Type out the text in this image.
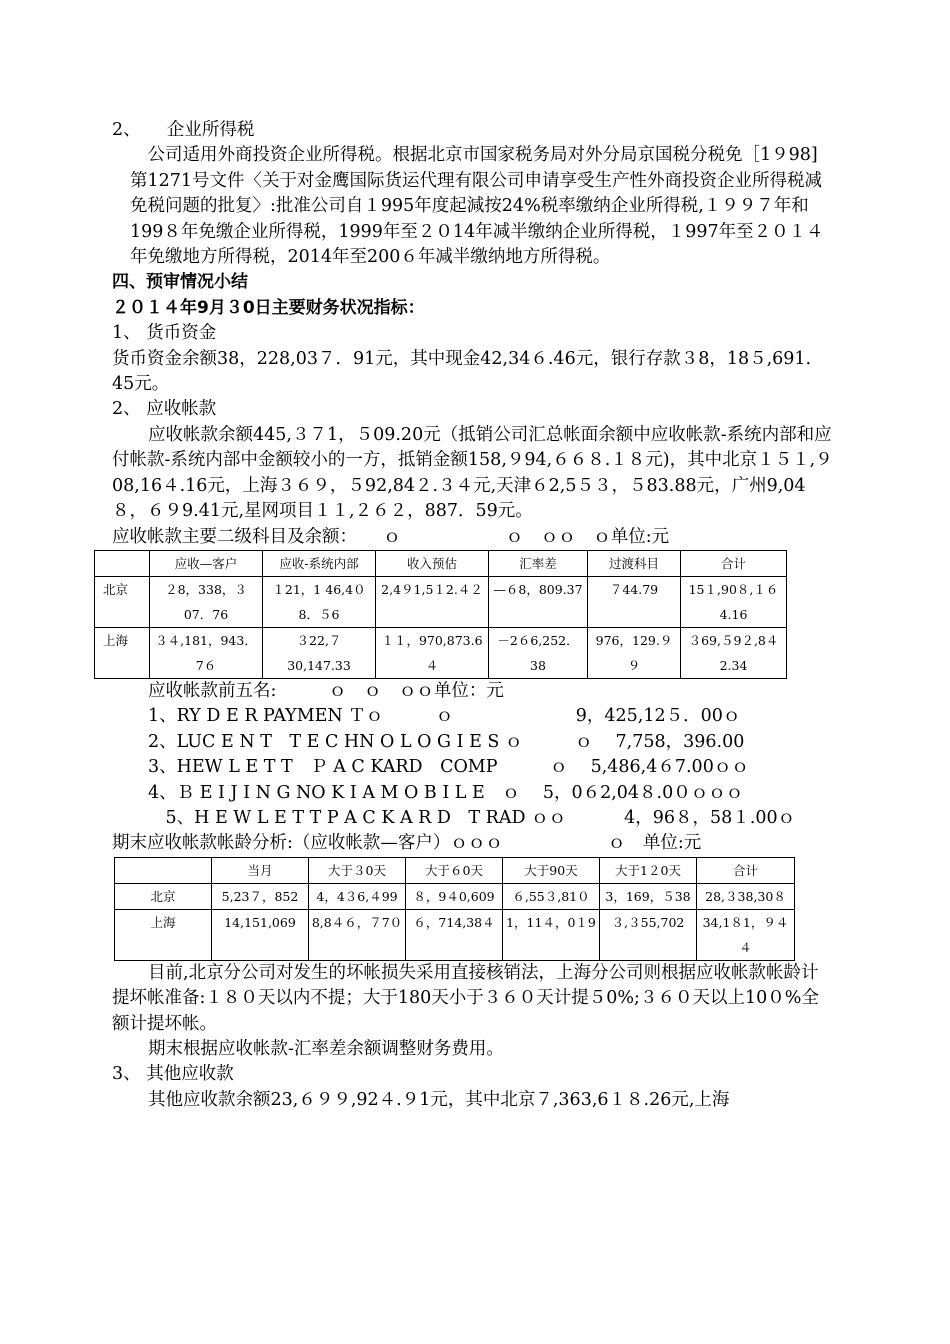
2、　　企业所得税
　公司适用外商投资企业所得税。根据北京市国家税务局对外分局京国税分税免［1９98]第1271号文件〈关于对金鹰国际货运代理有限公司申请享受生产性外商投资企业所得税减免税问题的批复〉:批准公司自１995年度起減按24%税率缴纳企业所得税,１９９７年和199８年免缴企业所得税，1999年至２０14年减半缴纳企业所得税，１997年至２０１４年免缴地方所得税，2014年至200６年减半缴纳地方所得税。
四、预审情况小结
２０１４年9月３0日主要财务状况指标：
1、 货币资金
货币资金余额38，228,03７．91元，其中现金42,34６.46元，银行存款３8，18５,691．45元。
2、 应收帐款
应收帐款余额445,３７1，５09.20元（抵销公司汇总帐面余额中应收帐款-系统内部和应付帐款-系统内部中金额较小的一方，抵销金额158,９94,６６８.１８元)，其中北京１５１,９08,16４.16元，上海３６９，５92,84２.３４元,天津６2,5５３，５83.88元，广州9,04８，６９9.41元,星网项目１１,２６２，887．59元。
应收帐款主要二级科目及余额：　　ｏ　　　　　　ｏ　ｏｏ　ｏ单位:元
	应收—客户	应收-系统内部	收入预估	汇率差	过渡科目	合计
北京	２8，338，３07．76	１21，1 46,4０8．５6	2,4９1,5１2.４２	—６8，809.37	７44.79	15１,90８,１６4.16
上海	３４,181，943．7６	３22,７30,147.33	１１，970,873.6４	－2６6,252．38	976，129.９９	３69,５9２,8４2.34
应收帐款前五名:　　　ｏ　ｏ　ｏｏ单位：元
1、RY D E R PAYMEN Ｔｏ　　　ｏ　　　　　　　9，425,12５．00ｏ
2、LUC E N T　T E C HN O L O G I E S ｏ　　　ｏ　 7,758，396.00
3、HEW L E T T　Ｐ A C KARD　COMP　　　ｏ　 5,486,4６7.00ｏｏ
4、Ｂ E I J I N G NO K I A M O B I L E　ｏ　 5，0６2,04８.0０ｏｏｏ
　5、H E W L E T T P A C K A R D　T RAD ｏｏ　　　 4，96８，58１.00ｏ
期末应收帐款帐龄分析:（应收帐款—客户）ｏｏｏ　　　　　　ｏ　单位:元
	当月	大于３0天	大于６0天	大于90天	大于1２0天	合计
北京	5,23７，852	4，4３6,４99	８，9４0,609	６,55３,81０	3，169，５38	28,３38,30８
上海	14,151,069	8,8４６，７7０	６，714,38４	1，11４，0１9	３,３55,702	34,1８1，９４４
目前,北京分公司对发生的坏帐损失采用直接核销法，上海分公司则根据应收帐款帐龄计提坏帐准备:１８０天以内不提；大于180天小于３６０天计提５0%;３６０天以上10０%全额计提坏帐。
期末根据应收帐款-汇率差余额调整财务费用。
3、 其他应收款
其他应收款余额23,６９９,92４.９1元，其中北京７,363,6１８.26元,上海
